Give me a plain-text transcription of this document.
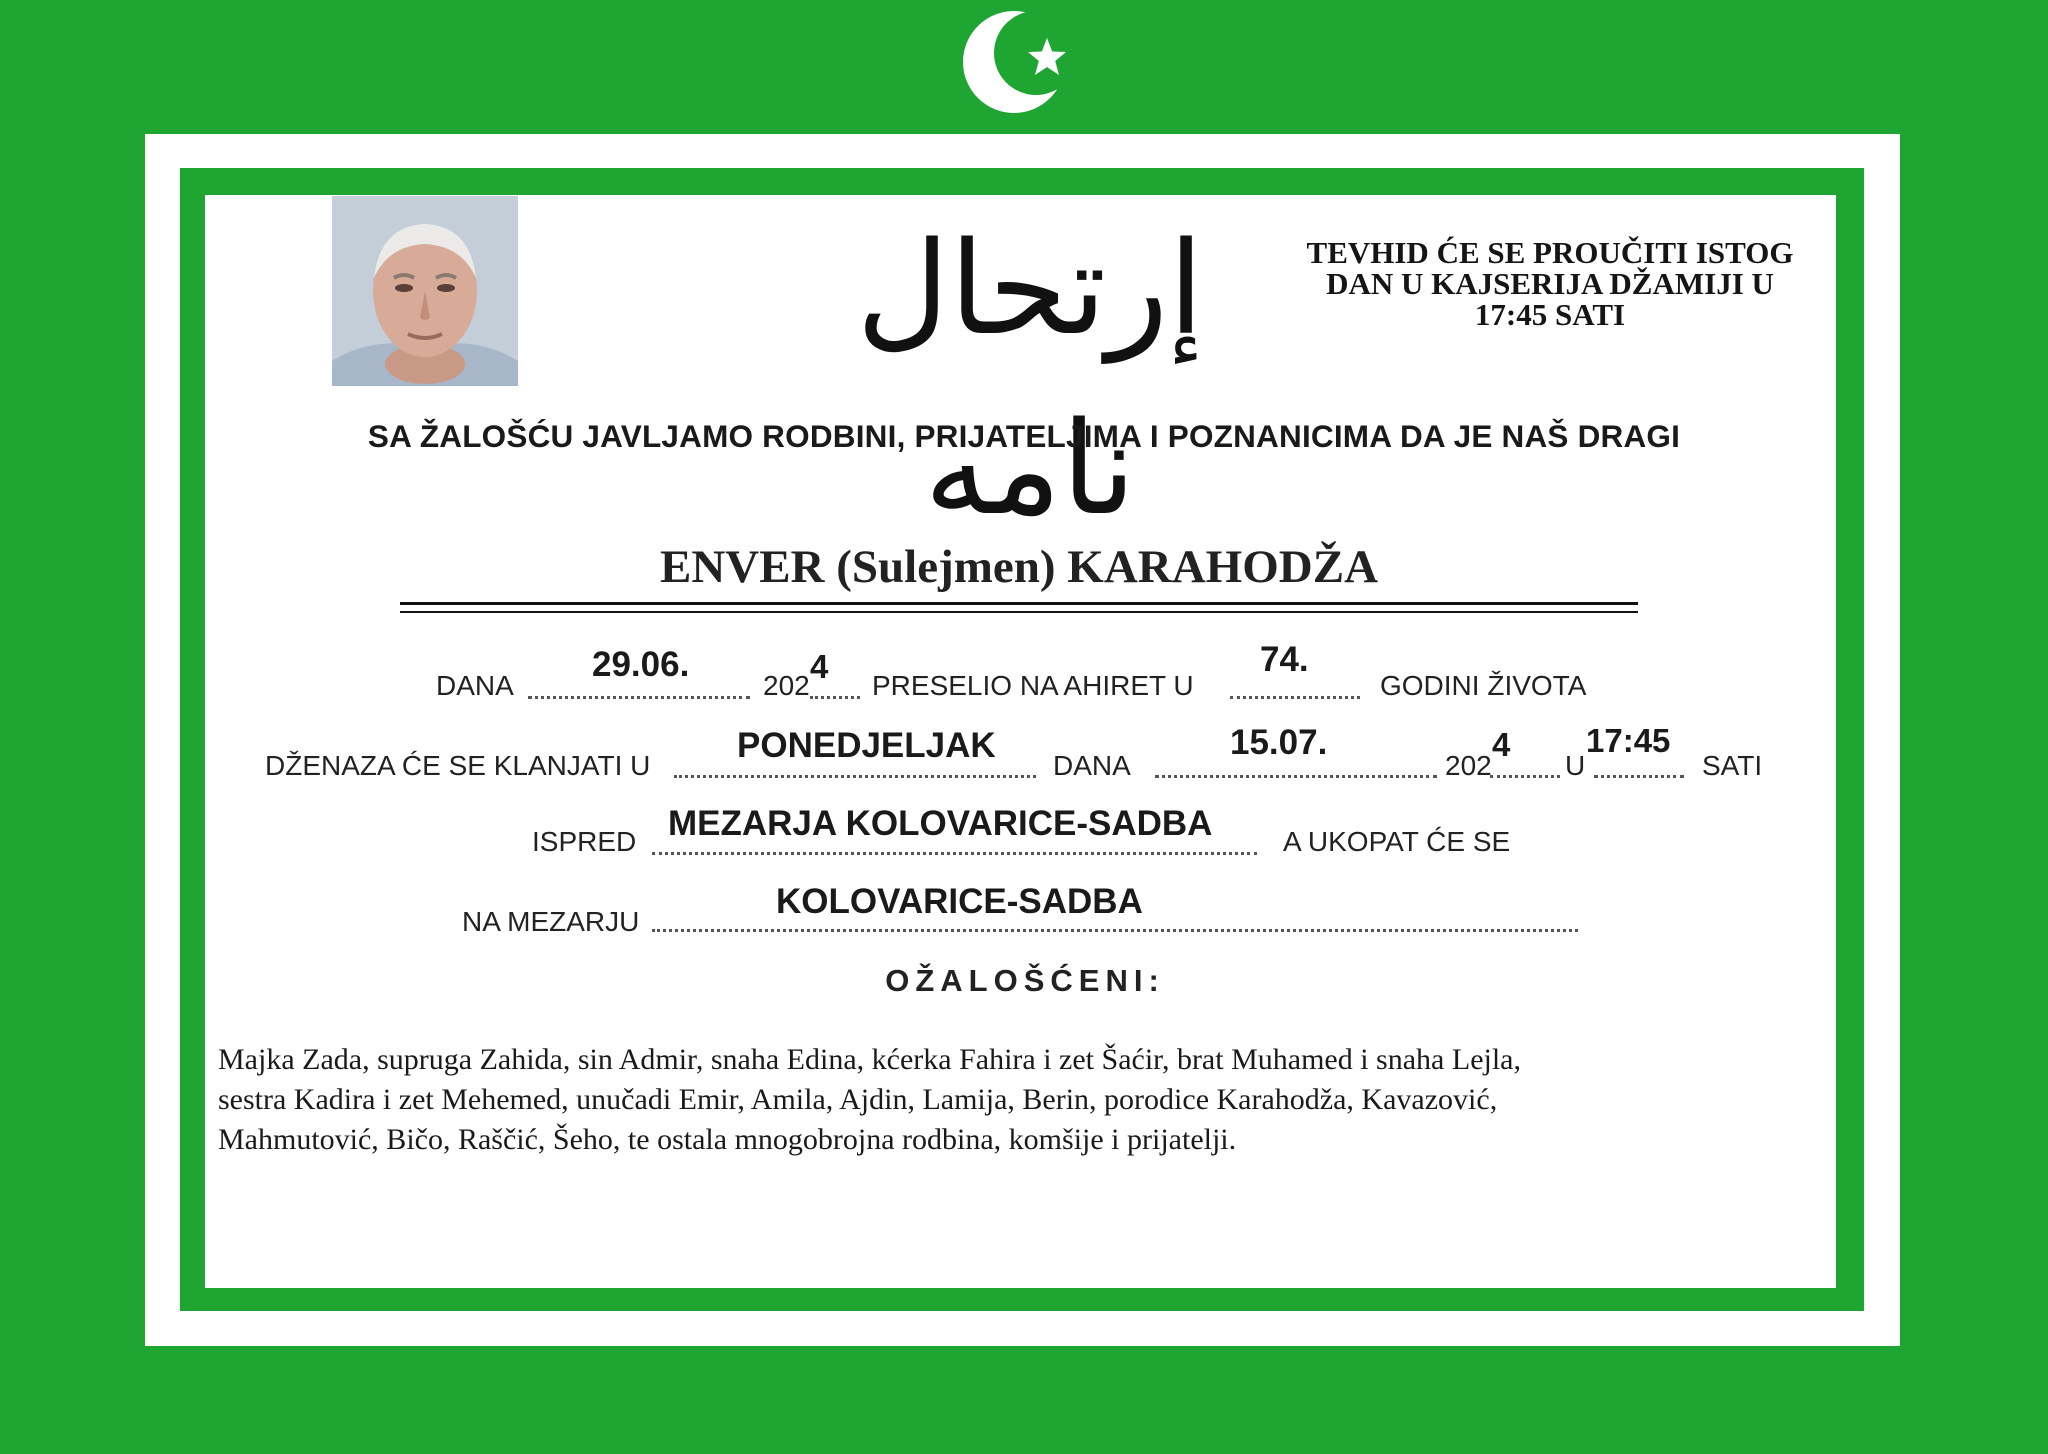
إرتحال نامه
TEVHID ĆE SE PROUČITI ISTOG
DAN U KAJSERIJA DŽAMIJI U
17:45 SATI
SA ŽALOŠĆU JAVLJAMO RODBINI, PRIJATELJIMA I POZNANICIMA DA JE NAŠ DRAGI
ENVER (Sulejmen) KARAHODŽA
DANA
29.06.
202
4
PRESELIO NA AHIRET U
74.
GODINI ŽIVOTA
DŽENAZA ĆE SE KLANJATI U
PONEDJELJAK
DANA
15.07.
202
4
U
17:45
SATI
ISPRED MEZARJA KOLOVARICE-SADBA	A UKOPAT ĆE SE
NA MEZARJU
KOLOVARICE-SADBA
OŽALOŠĆENI:
Majka Zada, supruga Zahida, sin Admir, snaha Edina, kćerka Fahira i zet Šaćir, brat Muhamed i snaha Lejla,
sestra Kadira i zet Mehemed, unučadi Emir, Amila, Ajdin, Lamija, Berin, porodice Karahodža, Kavazović,
Mahmutović, Bičo, Raščić, Šeho, te ostala mnogobrojna rodbina, komšije i prijatelji.
